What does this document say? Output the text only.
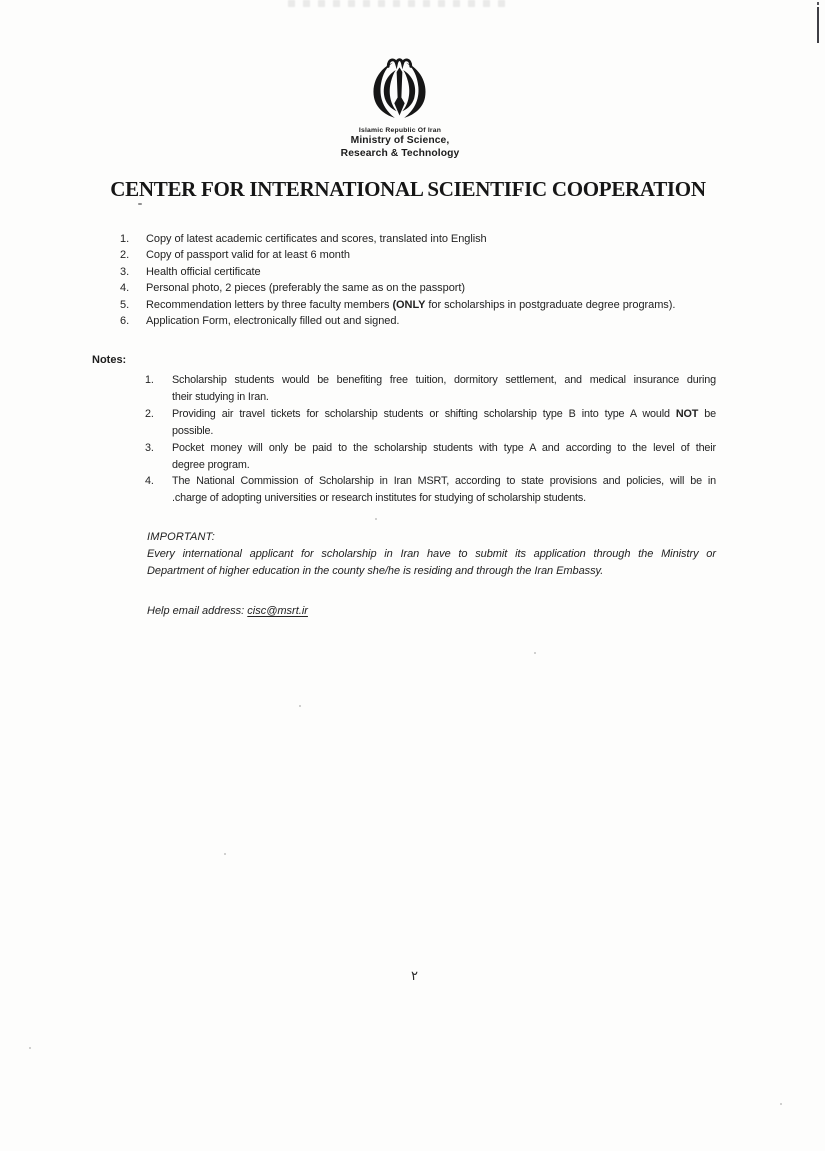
Islamic Republic Of Iran
Ministry of Science,
Research & Technology
CENTER FOR INTERNATIONAL SCIENTIFIC COOPERATION
1.	Copy of latest academic certificates and scores, translated into English
2.	Copy of passport valid for at least 6 month
3.	Health official certificate
4.	Personal photo, 2 pieces (preferably the same as on the passport)
5.	Recommendation letters by three faculty members (ONLY for scholarships in postgraduate degree programs).
6.	Application Form, electronically filled out and signed.
Notes:
1.	Scholarship students would be benefiting free tuition, dormitory settlement, and medical insurance during
their studying in Iran.
2.	Providing air travel tickets for scholarship students or shifting scholarship type B into type A would NOT be
possible.
3.	Pocket money will only be paid to the scholarship students with type A and according to the level of their
degree program.
4.	The National Commission of Scholarship in Iran MSRT, according to state provisions and policies, will be in
.charge of adopting universities or research institutes for studying of scholarship students.
IMPORTANT:
Every international applicant for scholarship in Iran have to submit its application through the Ministry or
Department of higher education in the county she/he is residing and through the Iran Embassy.
Help email address: cisc@msrt.ir
٢
